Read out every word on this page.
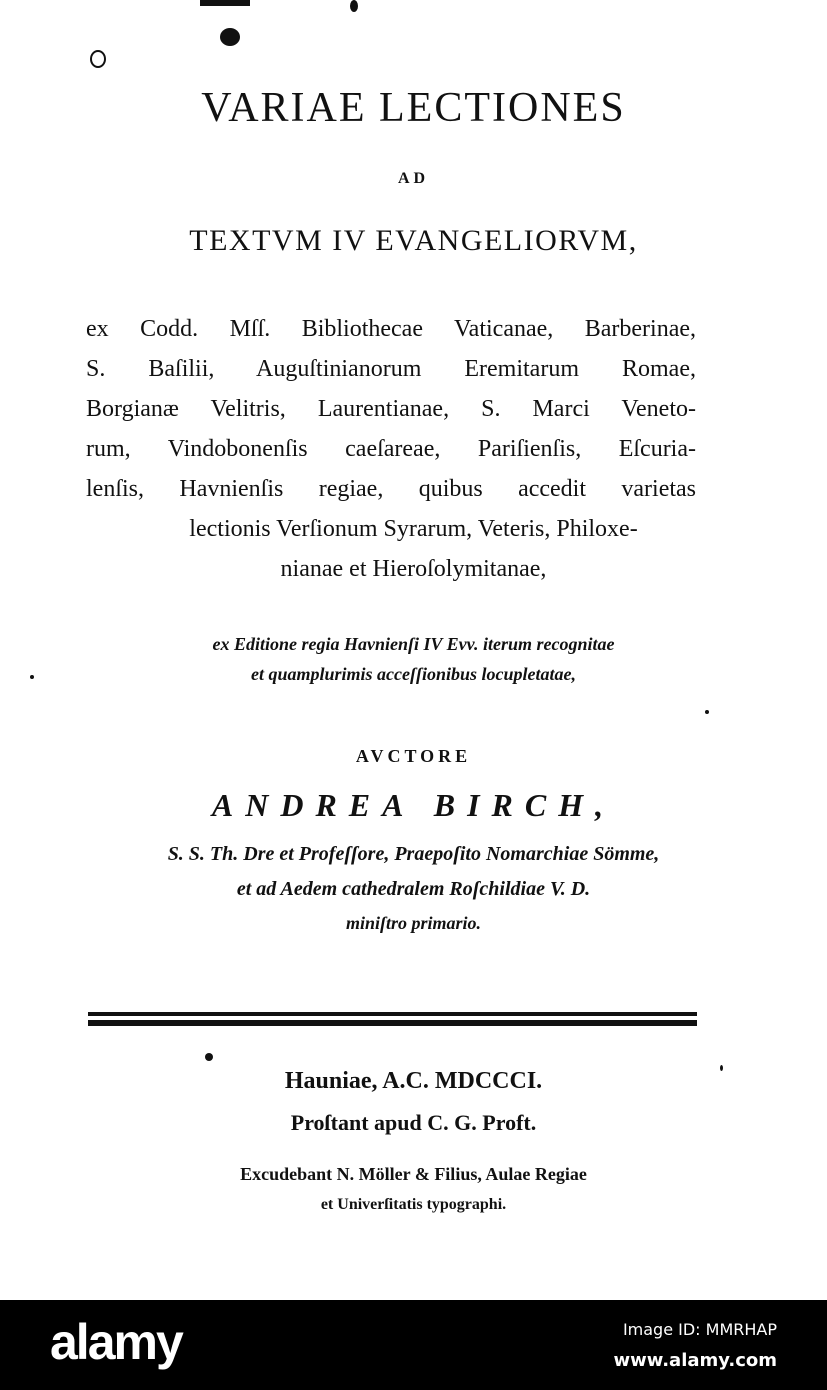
VARIAE LECTIONES
AD
TEXTVM IV EVANGELIORVM,
ex Codd. Mſſ. Bibliothecae Vaticanae, Barberinae,
S. Baſilii, Auguſtinianorum Eremitarum Romae,
Borgianæ Velitris, Laurentianae, S. Marci Veneto-
rum, Vindobonenſis caeſareae, Pariſienſis, Eſcuria-
lenſis, Havnienſis regiae, quibus accedit varietas
lectionis Verſionum Syrarum, Veteris, Philoxe-
nianae et Hieroſolymitanae,
ex Editione regia Havnienſi IV Evv. iterum recognitae
et quamplurimis acceſſionibus locupletatae,
AVCTORE
ANDREA BIRCH,
S. S. Th. Dre et Profeſſore, Praepoſito Nomarchiae Sömme,
et ad Aedem cathedralem Roſchildiae V. D.
miniſtro primario.
Hauniae, A.C. MDCCCI.
Proſtant apud C. G. Proft.
Excudebant N. Möller & Filius, Aulae Regiae
et Univerſitatis typographi.
alamy	Image ID: MMRHAP
www.alamy.com
